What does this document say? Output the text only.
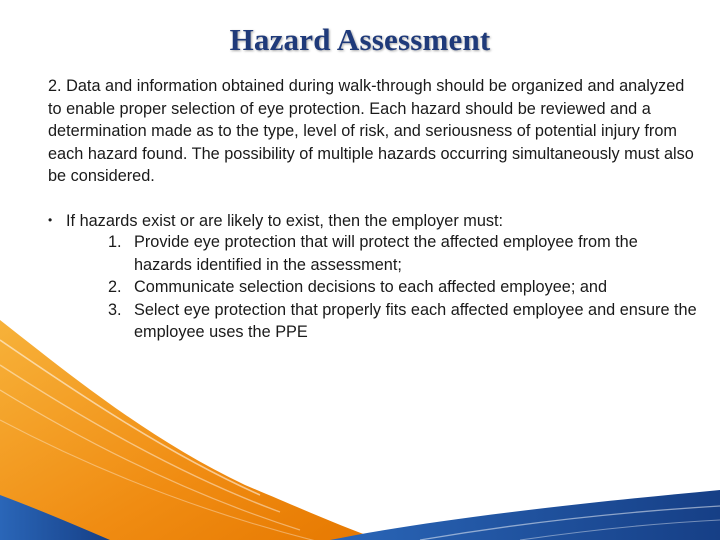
Hazard Assessment

2. Data and information obtained during walk-through should be organized and analyzed to enable proper selection of eye protection. Each hazard should be reviewed and a determination made as to the type, level of risk, and seriousness of potential injury from each hazard found. The possibility of multiple hazards occurring simultaneously must also be considered.

• If hazards exist or are likely to exist, then the employer must:

1. Provide eye protection that will protect the affected employee from the hazards identified in the assessment;
2. Communicate selection decisions to each affected employee; and
3. Select eye protection that properly fits each affected employee and ensure the employee uses the PPE
